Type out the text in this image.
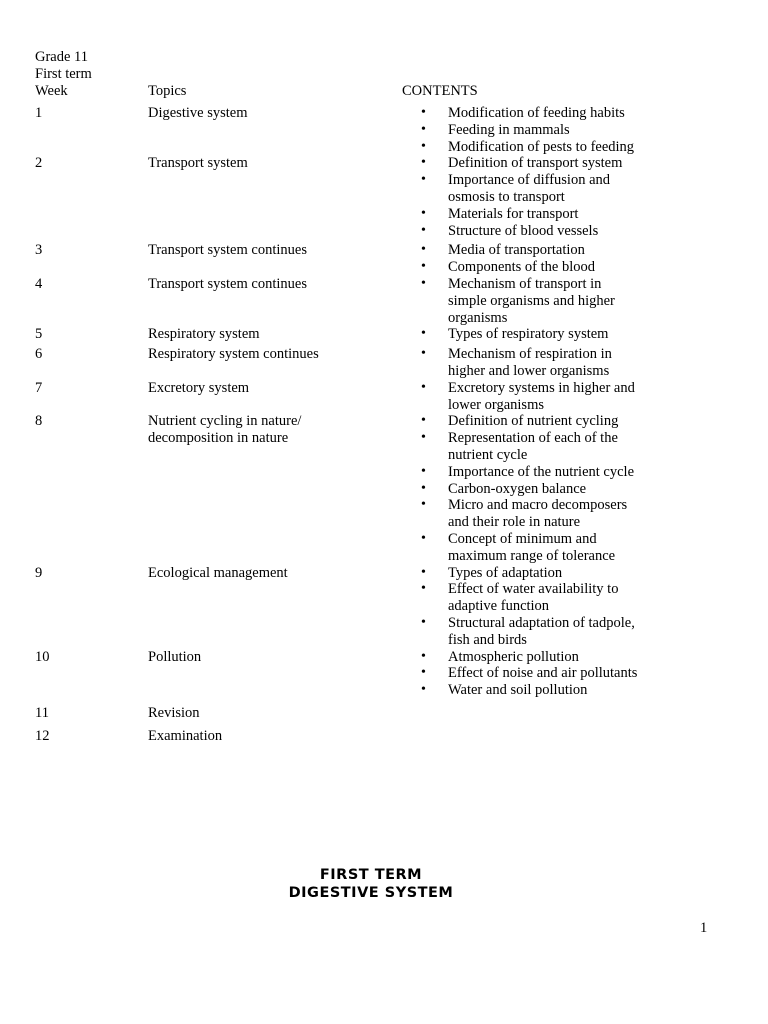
Grade 11
First term
Week	Topics	CONTENTS
1	Digestive system	• Modification of feeding habits
• Feeding in mammals
• Modification of pests to feeding
2	Transport system	• Definition of transport system
• Importance of diffusion and osmosis to transport
• Materials for transport
• Structure of blood vessels
3	Transport system continues	• Media of transportation
• Components of the blood
4	Transport system continues	• Mechanism of transport in simple organisms and higher organisms
5	Respiratory system	• Types of respiratory system
6	Respiratory system continues	• Mechanism of respiration in higher and lower organisms
7	Excretory system	• Excretory systems in higher and lower organisms
8	Nutrient cycling in nature/ decomposition in nature
• Definition of nutrient cycling
• Representation of each of the nutrient cycle
• Importance of the nutrient cycle
• Carbon-oxygen balance
• Micro and macro decomposers and their role in nature
• Concept of minimum and maximum range of tolerance
9	Ecological management	• Types of adaptation
• Effect of water availability to adaptive function
• Structural adaptation of tadpole, fish and birds
10	Pollution	• Atmospheric pollution
• Effect of noise and air pollutants
• Water and soil pollution
11	Revision
12	Examination
FIRST TERM
DIGESTIVE SYSTEM
1
